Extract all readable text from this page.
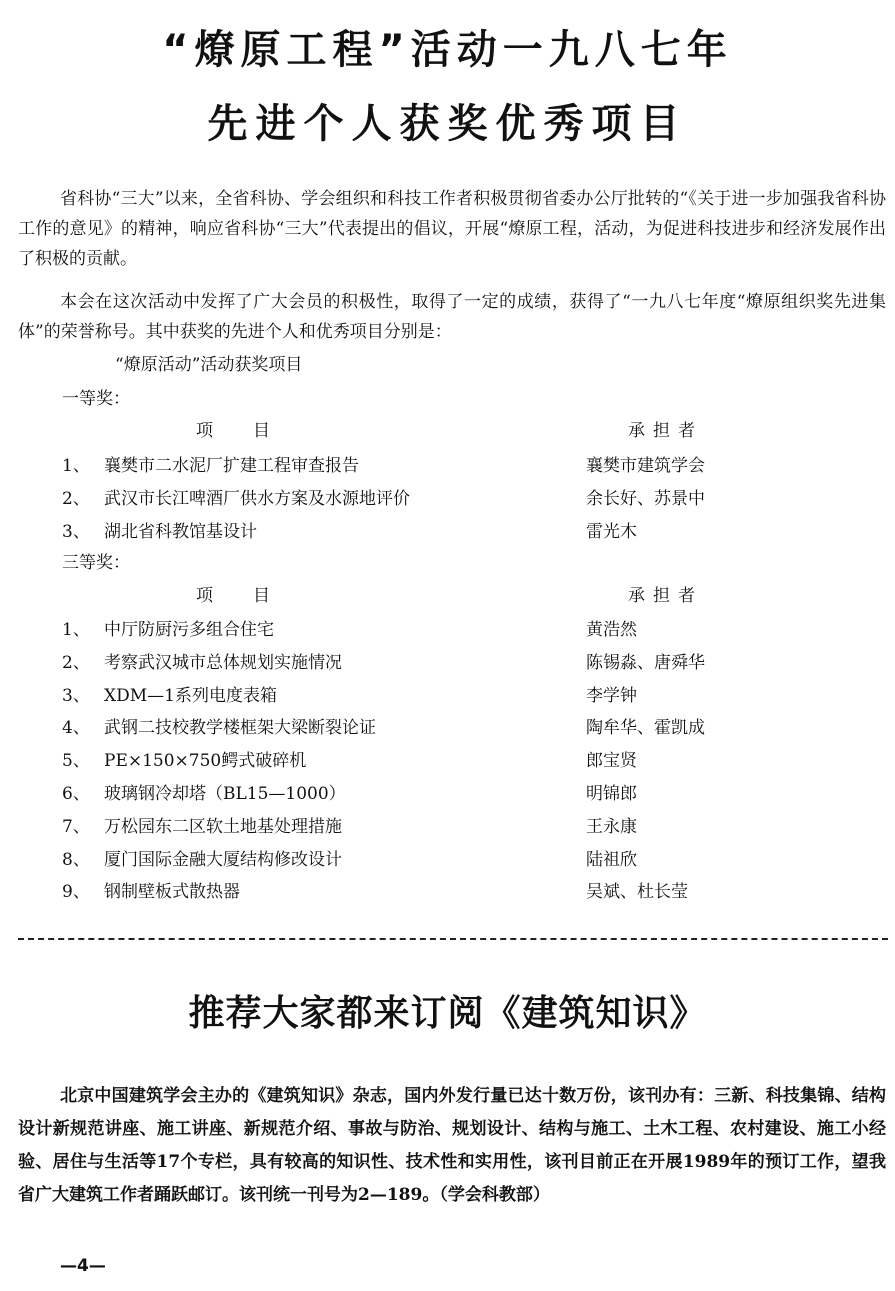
“燎原工程”活动一九八七年
先进个人获奖优秀项目

省科协“三大”以来，全省科协、学会组织和科技工作者积极贯彻省委办公厅批转的“《关于进一步加强我省科协工作的意见》的精神，响应省科协“三大”代表提出的倡议，开展“燎原工程，活动，为促进科技进步和经济发展作出了积极的贡献。

本会在这次活动中发挥了广大会员的积极性，取得了一定的成绩，获得了“一九八七年度“燎原组织奖先进集体”的荣誉称号。其中获奖的先进个人和优秀项目分别是：

“燎原活动”活动获奖项目
一等奖：
项目	承担者
1、 襄樊市二水泥厂扩建工程审查报告	襄樊市建筑学会
2、 武汉市长江啤酒厂供水方案及水源地评价	余长好、苏景中
3、 湖北省科教馆基设计	雷光木
三等奖：
项目	承担者
1、 中厅防厨污多组合住宅	黄浩然
2、 考察武汉城市总体规划实施情况	陈锡淼、唐舜华
3、 XDM—1系列电度表箱	李学钟
4、 武钢二技校教学楼框架大梁断裂论证	陶牟华、霍凯成
5、 PE×150×750鳄式破碎机	郎宝贤
6、 玻璃钢冷却塔（BL15—1000）	明锦郎
7、 万松园东二区软土地基处理措施	王永康
8、 厦门国际金融大厦结构修改设计	陆祖欣
9、 钢制壁板式散热器	吴斌、杜长莹
推荐大家都来订阅《建筑知识》

北京中国建筑学会主办的《建筑知识》杂志，国内外发行量已达十数万份，该刊办有：三新、科技集锦、结构设计新规范讲座、施工讲座、新规范介绍、事故与防治、规划设计、结构与施工、土木工程、农村建设、施工小经验、居住与生活等17个专栏，具有较高的知识性、技术性和实用性，该刊目前正在开展1989年的预订工作，望我省广大建筑工作者踊跃邮订。该刊统一刊号为2—189。（学会科教部）

—4—
